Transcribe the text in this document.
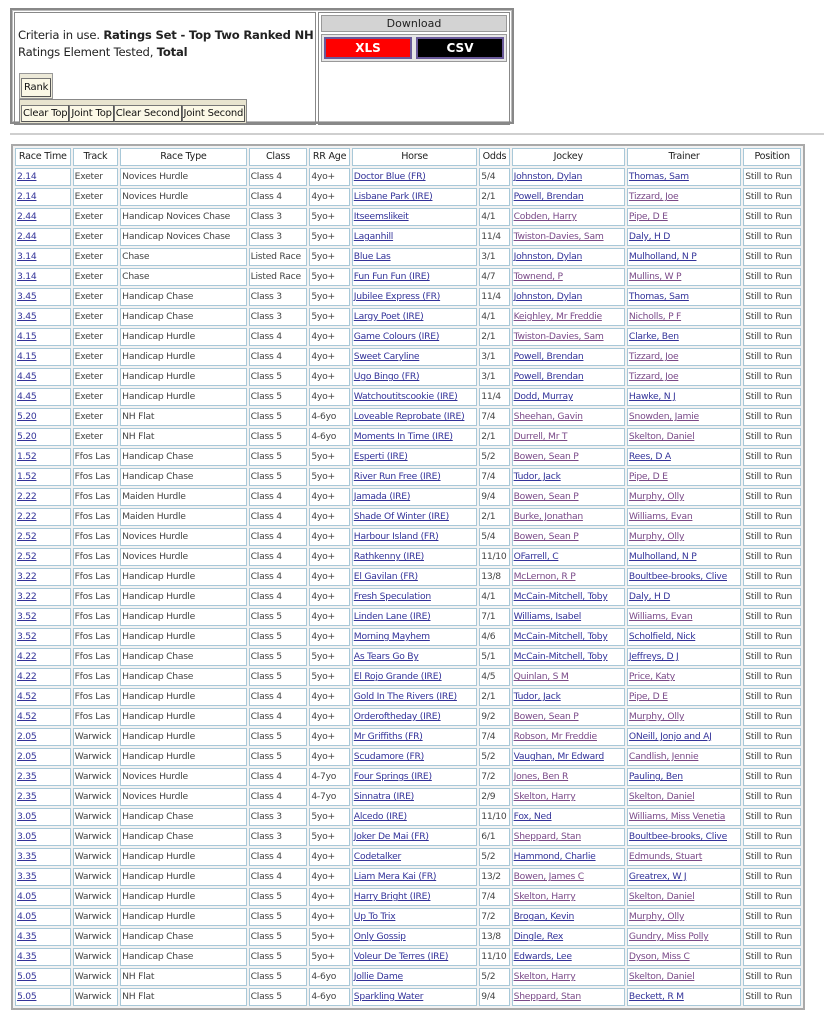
Criteria in use. Ratings Set - Top Two Ranked NH
Ratings Element Tested, Total
Rank
Clear Top Joint Top Clear Second Joint Second	
Download
XLS	CSV
Race Time	Track	Race Type	Class	RR Age	Horse	Odds	Jockey	Trainer	Position
2.14	Exeter	Novices Hurdle	Class 4	4yo+	Doctor Blue (FR)	5/4	Johnston, Dylan	Thomas, Sam	Still to Run
2.14	Exeter	Novices Hurdle	Class 4	4yo+	Lisbane Park (IRE)	2/1	Powell, Brendan	Tizzard, Joe	Still to Run
2.44	Exeter	Handicap Novices Chase	Class 3	5yo+	Itseemslikeit	4/1	Cobden, Harry	Pipe, D E	Still to Run
2.44	Exeter	Handicap Novices Chase	Class 3	5yo+	Laganhill	11/4	Twiston-Davies, Sam	Daly, H D	Still to Run
3.14	Exeter	Chase	Listed Race	5yo+	Blue Las	3/1	Johnston, Dylan	Mulholland, N P	Still to Run
3.14	Exeter	Chase	Listed Race	5yo+	Fun Fun Fun (IRE)	4/7	Townend, P	Mullins, W P	Still to Run
3.45	Exeter	Handicap Chase	Class 3	5yo+	Jubilee Express (FR)	11/4	Johnston, Dylan	Thomas, Sam	Still to Run
3.45	Exeter	Handicap Chase	Class 3	5yo+	Largy Poet (IRE)	4/1	Keighley, Mr Freddie	Nicholls, P F	Still to Run
4.15	Exeter	Handicap Hurdle	Class 4	4yo+	Game Colours (IRE)	2/1	Twiston-Davies, Sam	Clarke, Ben	Still to Run
4.15	Exeter	Handicap Hurdle	Class 4	4yo+	Sweet Caryline	3/1	Powell, Brendan	Tizzard, Joe	Still to Run
4.45	Exeter	Handicap Hurdle	Class 5	4yo+	Ugo Bingo (FR)	3/1	Powell, Brendan	Tizzard, Joe	Still to Run
4.45	Exeter	Handicap Hurdle	Class 5	4yo+	Watchoutitscookie (IRE)	11/4	Dodd, Murray	Hawke, N J	Still to Run
5.20	Exeter	NH Flat	Class 5	4-6yo	Loveable Reprobate (IRE)	7/4	Sheehan, Gavin	Snowden, Jamie	Still to Run
5.20	Exeter	NH Flat	Class 5	4-6yo	Moments In Time (IRE)	2/1	Durrell, Mr T	Skelton, Daniel	Still to Run
1.52	Ffos Las	Handicap Chase	Class 5	5yo+	Esperti (IRE)	5/2	Bowen, Sean P	Rees, D A	Still to Run
1.52	Ffos Las	Handicap Chase	Class 5	5yo+	River Run Free (IRE)	7/4	Tudor, Jack	Pipe, D E	Still to Run
2.22	Ffos Las	Maiden Hurdle	Class 4	4yo+	Jamada (IRE)	9/4	Bowen, Sean P	Murphy, Olly	Still to Run
2.22	Ffos Las	Maiden Hurdle	Class 4	4yo+	Shade Of Winter (IRE)	2/1	Burke, Jonathan	Williams, Evan	Still to Run
2.52	Ffos Las	Novices Hurdle	Class 4	4yo+	Harbour Island (FR)	5/4	Bowen, Sean P	Murphy, Olly	Still to Run
2.52	Ffos Las	Novices Hurdle	Class 4	4yo+	Rathkenny (IRE)	11/10	OFarrell, C	Mulholland, N P	Still to Run
3.22	Ffos Las	Handicap Hurdle	Class 4	4yo+	El Gavilan (FR)	13/8	McLernon, R P	Boultbee-brooks, Clive	Still to Run
3.22	Ffos Las	Handicap Hurdle	Class 4	4yo+	Fresh Speculation	4/1	McCain-Mitchell, Toby	Daly, H D	Still to Run
3.52	Ffos Las	Handicap Hurdle	Class 5	4yo+	Linden Lane (IRE)	7/1	Williams, Isabel	Williams, Evan	Still to Run
3.52	Ffos Las	Handicap Hurdle	Class 5	4yo+	Morning Mayhem	4/6	McCain-Mitchell, Toby	Scholfield, Nick	Still to Run
4.22	Ffos Las	Handicap Chase	Class 5	5yo+	As Tears Go By	5/1	McCain-Mitchell, Toby	Jeffreys, D J	Still to Run
4.22	Ffos Las	Handicap Chase	Class 5	5yo+	El Rojo Grande (IRE)	4/5	Quinlan, S M	Price, Katy	Still to Run
4.52	Ffos Las	Handicap Hurdle	Class 4	4yo+	Gold In The Rivers (IRE)	2/1	Tudor, Jack	Pipe, D E	Still to Run
4.52	Ffos Las	Handicap Hurdle	Class 4	4yo+	Orderoftheday (IRE)	9/2	Bowen, Sean P	Murphy, Olly	Still to Run
2.05	Warwick	Handicap Hurdle	Class 5	4yo+	Mr Griffiths (FR)	7/4	Robson, Mr Freddie	ONeill, Jonjo and AJ	Still to Run
2.05	Warwick	Handicap Hurdle	Class 5	4yo+	Scudamore (FR)	5/2	Vaughan, Mr Edward	Candlish, Jennie	Still to Run
2.35	Warwick	Novices Hurdle	Class 4	4-7yo	Four Springs (IRE)	7/2	Jones, Ben R	Pauling, Ben	Still to Run
2.35	Warwick	Novices Hurdle	Class 4	4-7yo	Sinnatra (IRE)	2/9	Skelton, Harry	Skelton, Daniel	Still to Run
3.05	Warwick	Handicap Chase	Class 3	5yo+	Alcedo (IRE)	11/10	Fox, Ned	Williams, Miss Venetia	Still to Run
3.05	Warwick	Handicap Chase	Class 3	5yo+	Joker De Mai (FR)	6/1	Sheppard, Stan	Boultbee-brooks, Clive	Still to Run
3.35	Warwick	Handicap Hurdle	Class 4	4yo+	Codetalker	5/2	Hammond, Charlie	Edmunds, Stuart	Still to Run
3.35	Warwick	Handicap Hurdle	Class 4	4yo+	Liam Mera Kai (FR)	13/2	Bowen, James C	Greatrex, W J	Still to Run
4.05	Warwick	Handicap Hurdle	Class 5	4yo+	Harry Bright (IRE)	7/4	Skelton, Harry	Skelton, Daniel	Still to Run
4.05	Warwick	Handicap Hurdle	Class 5	4yo+	Up To Trix	7/2	Brogan, Kevin	Murphy, Olly	Still to Run
4.35	Warwick	Handicap Chase	Class 5	5yo+	Only Gossip	13/8	Dingle, Rex	Gundry, Miss Polly	Still to Run
4.35	Warwick	Handicap Chase	Class 5	5yo+	Voleur De Terres (IRE)	11/10	Edwards, Lee	Dyson, Miss C	Still to Run
5.05	Warwick	NH Flat	Class 5	4-6yo	Jollie Dame	5/2	Skelton, Harry	Skelton, Daniel	Still to Run
5.05	Warwick	NH Flat	Class 5	4-6yo	Sparkling Water	9/4	Sheppard, Stan	Beckett, R M	Still to Run
